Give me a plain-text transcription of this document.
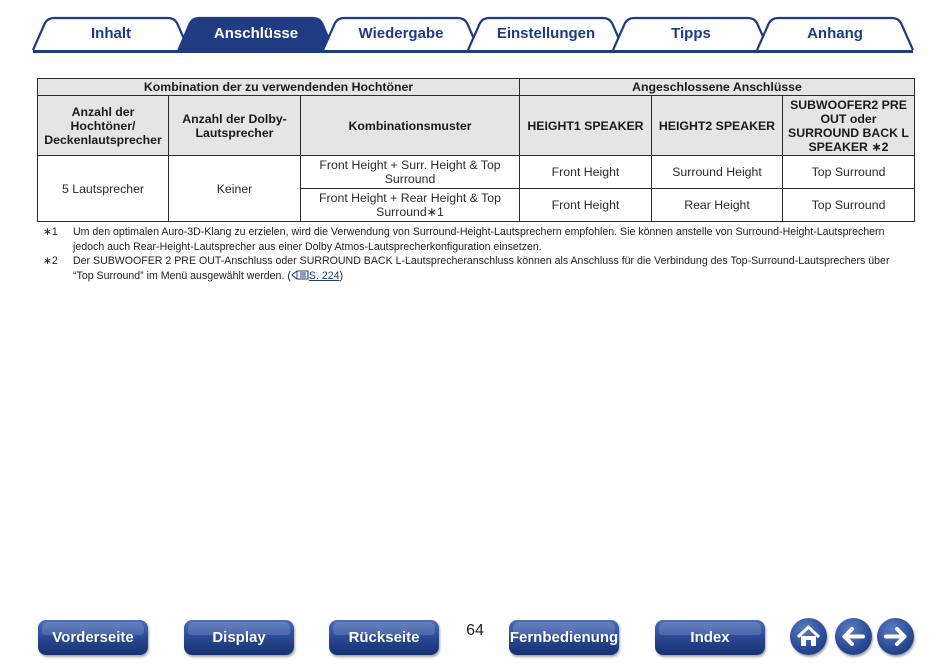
Inhalt	Anschlüsse	Wiedergabe	Einstellungen	Tipps	Anhang
Kombination der zu verwendenden Hochtöner			Angeschlossene Anschlüsse		
Anzahl der Hochtöner/ Deckenlautsprecher	Anzahl der Dolby-Lautsprecher	Kombinationsmuster	HEIGHT1 SPEAKER	HEIGHT2 SPEAKER	SUBWOOFER2 PRE OUT oder SURROUND BACK L SPEAKER ∗2
5 Lautsprecher	Keiner	Front Height + Surr. Height & Top Surround	Front Height	Surround Height	Top Surround
		Front Height + Rear Height & Top Surround∗1	Front Height	Rear Height	Top Surround
∗1	Um den optimalen Auro-3D-Klang zu erzielen, wird die Verwendung von Surround-Height-Lautsprechern empfohlen. Sie können anstelle von Surround-Height-Lautsprechern jedoch auch Rear-Height-Lautsprecher aus einer Dolby Atmos-Lautsprecherkonfiguration einsetzen.
∗2	Der SUBWOOFER 2 PRE OUT-Anschluss oder SURROUND BACK L-Lautsprecheranschluss können als Anschluss für die Verbindung des Top-Surround-Lautsprechers über “Top Surround” im Menü ausgewählt werden. ( S. 224)
Vorderseite	Display	Rückseite	64	Fernbedienung	Index
